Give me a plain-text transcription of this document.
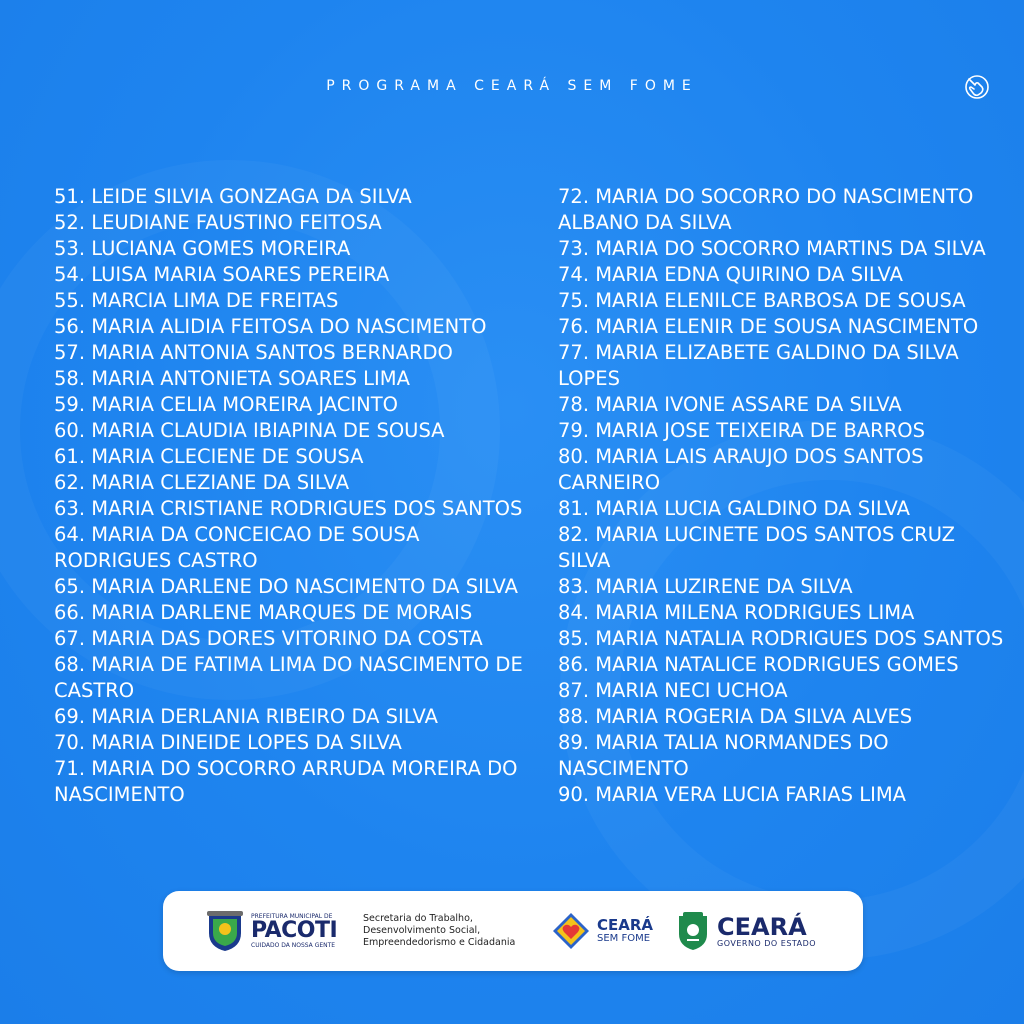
PROGRAMA CEARÁ SEM FOME
51. LEIDE SILVIA GONZAGA DA SILVA
52. LEUDIANE FAUSTINO FEITOSA
53. LUCIANA GOMES MOREIRA
54. LUISA MARIA SOARES PEREIRA
55. MARCIA LIMA DE FREITAS
56. MARIA ALIDIA FEITOSA DO NASCIMENTO
57. MARIA ANTONIA SANTOS BERNARDO
58. MARIA ANTONIETA SOARES LIMA
59. MARIA CELIA MOREIRA JACINTO
60. MARIA CLAUDIA IBIAPINA DE SOUSA
61. MARIA CLECIENE DE SOUSA
62. MARIA CLEZIANE DA SILVA
63. MARIA CRISTIANE RODRIGUES DOS SANTOS
64. MARIA DA CONCEICAO DE SOUSA
RODRIGUES CASTRO
65. MARIA DARLENE DO NASCIMENTO DA SILVA
66. MARIA DARLENE MARQUES DE MORAIS
67. MARIA DAS DORES VITORINO DA COSTA
68. MARIA DE FATIMA LIMA DO NASCIMENTO DE
CASTRO
69. MARIA DERLANIA RIBEIRO DA SILVA
70. MARIA DINEIDE LOPES DA SILVA
71. MARIA DO SOCORRO ARRUDA MOREIRA DO
NASCIMENTO
72. MARIA DO SOCORRO DO NASCIMENTO
ALBANO DA SILVA
73. MARIA DO SOCORRO MARTINS DA SILVA
74. MARIA EDNA QUIRINO DA SILVA
75. MARIA ELENILCE BARBOSA DE SOUSA
76. MARIA ELENIR DE SOUSA NASCIMENTO
77. MARIA ELIZABETE GALDINO DA SILVA
LOPES
78. MARIA IVONE ASSARE DA SILVA
79. MARIA JOSE TEIXEIRA DE BARROS
80. MARIA LAIS ARAUJO DOS SANTOS
CARNEIRO
81. MARIA LUCIA GALDINO DA SILVA
82. MARIA LUCINETE DOS SANTOS CRUZ
SILVA
83. MARIA LUZIRENE DA SILVA
84. MARIA MILENA RODRIGUES LIMA
85. MARIA NATALIA RODRIGUES DOS SANTOS
86. MARIA NATALICE RODRIGUES GOMES
87. MARIA NECI UCHOA
88. MARIA ROGERIA DA SILVA ALVES
89. MARIA TALIA NORMANDES DO
NASCIMENTO
90. MARIA VERA LUCIA FARIAS LIMA
PREFEITURA MUNICIPAL DE
PACOTI
CUIDADO DA NOSSA GENTE
Secretaria do Trabalho,
Desenvolvimento Social,
Empreendedorismo e Cidadania
CEARÁ
SEM FOME	CEARÁ
GOVERNO DO ESTADO
